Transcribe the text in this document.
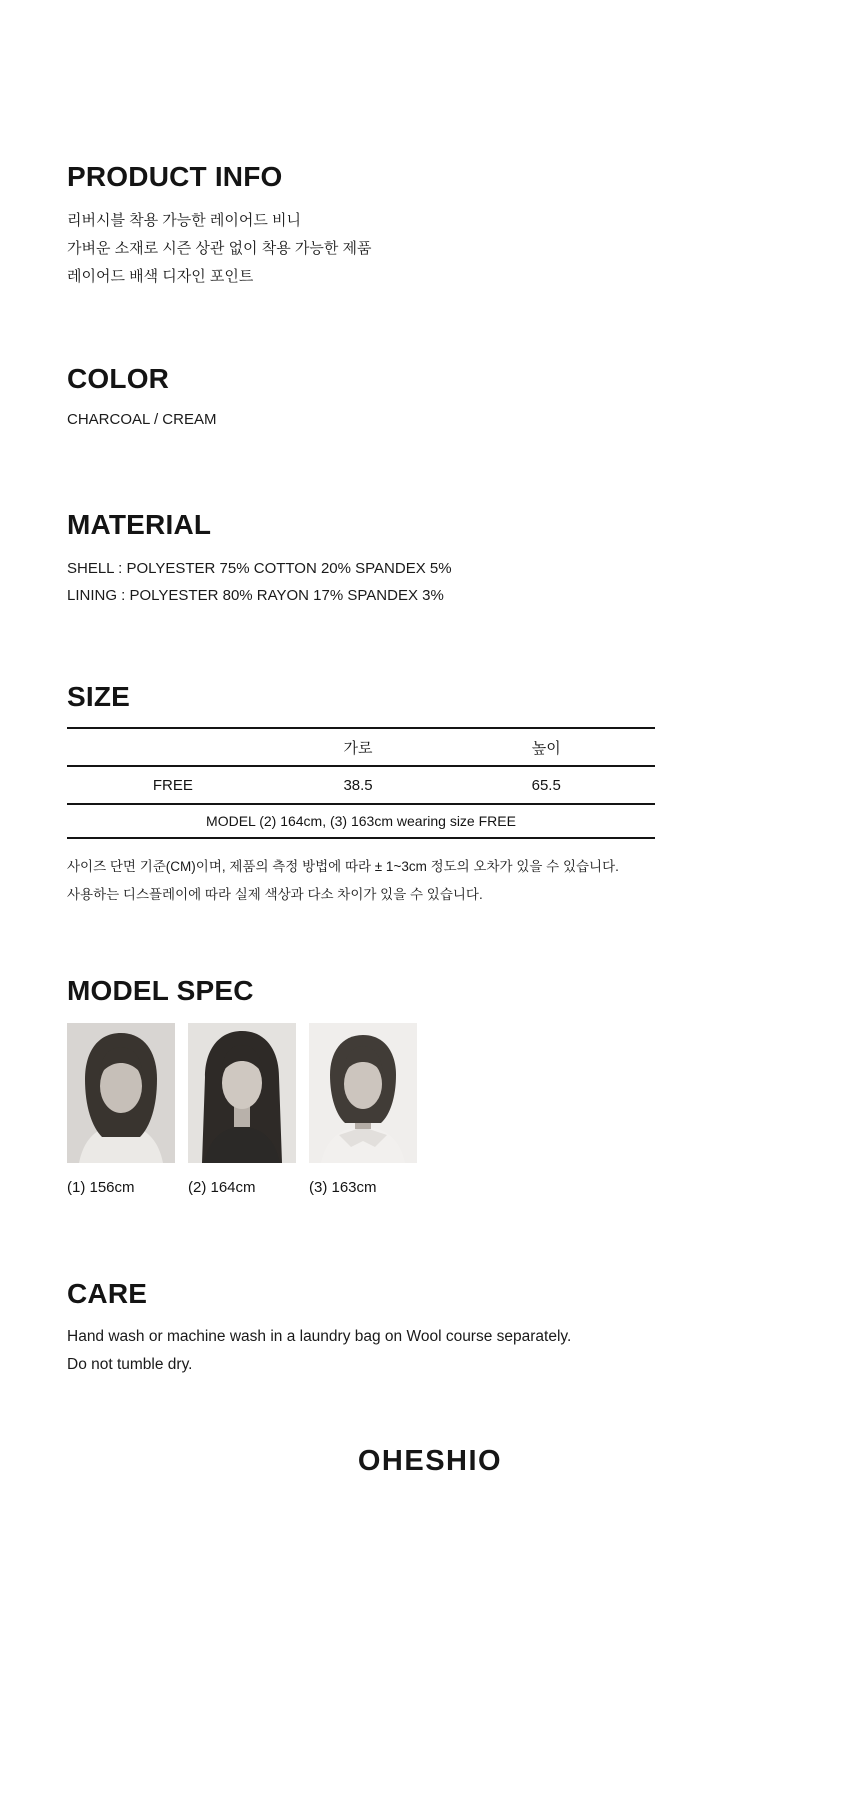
PRODUCT INFO
리버시블 착용 가능한 레이어드 비니
가벼운 소재로 시즌 상관 없이 착용 가능한 제품
레이어드 배색 디자인 포인트
COLOR
CHARCOAL / CREAM
MATERIAL
SHELL : POLYESTER 75% COTTON 20% SPANDEX 5%
LINING : POLYESTER 80% RAYON 17% SPANDEX 3%
SIZE
	가로	높이
FREE	38.5	65.5
MODEL (2) 164cm, (3) 163cm wearing size FREE		
사이즈 단면 기준(CM)이며, 제품의 측정 방법에 따라 ± 1~3cm 정도의 오차가 있을 수 있습니다.
사용하는 디스플레이에 따라 실제 색상과 다소 차이가 있을 수 있습니다.
MODEL SPEC
(1) 156cm	(2) 164cm	(3) 163cm
CARE
Hand wash or machine wash in a laundry bag on Wool course separately.
Do not tumble dry.
OHESHIO
